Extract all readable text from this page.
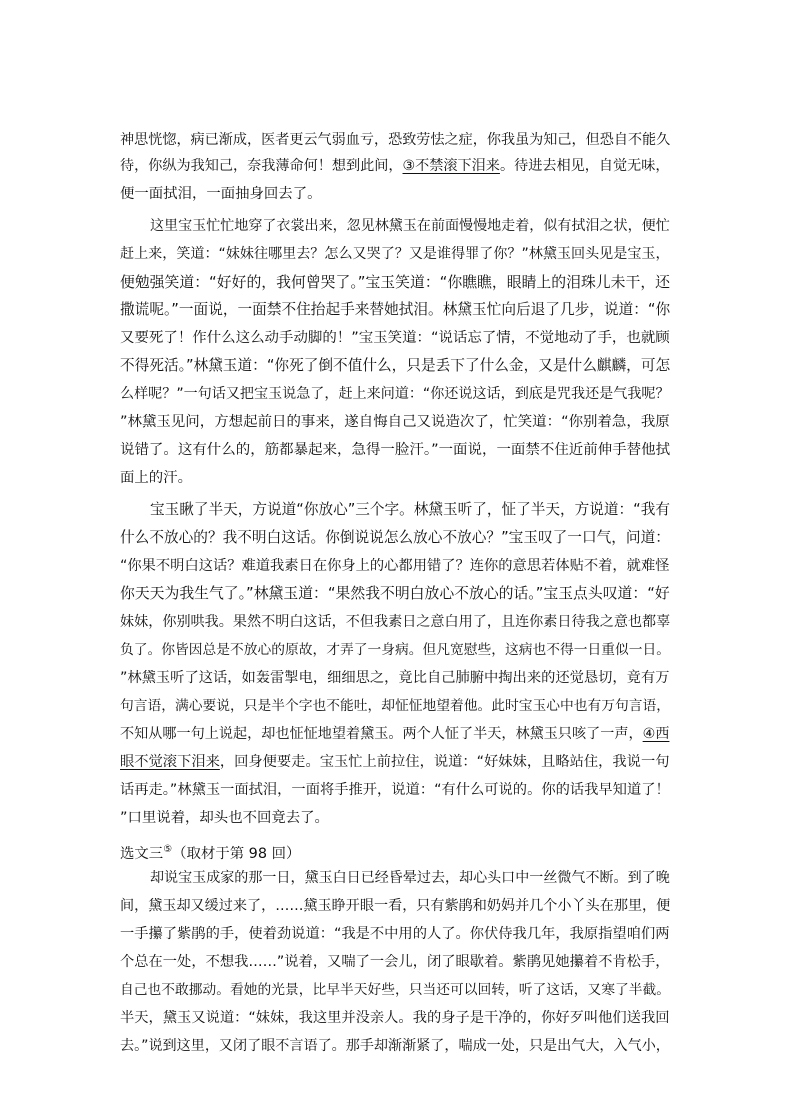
神思恍惚，病已渐成，医者更云气弱血亏，恐致劳怯之症，你我虽为知己，但恐自不能久
待，你纵为我知己，奈我薄命何！想到此间，③不禁滚下泪来。待进去相见，自觉无味，
便一面拭泪，一面抽身回去了。
这里宝玉忙忙地穿了衣裳出来，忽见林黛玉在前面慢慢地走着，似有拭泪之状，便忙
赶上来，笑道：“妹妹往哪里去？怎么又哭了？又是谁得罪了你？”林黛玉回头见是宝玉，
便勉强笑道：“好好的，我何曾哭了。”宝玉笑道：“你瞧瞧，眼睛上的泪珠儿未干，还
撒谎呢。”一面说，一面禁不住抬起手来替她拭泪。林黛玉忙向后退了几步，说道：“你
又要死了！作什么这么动手动脚的！”宝玉笑道：“说话忘了情，不觉地动了手，也就顾
不得死活。”林黛玉道：“你死了倒不值什么，只是丢下了什么金，又是什么麒麟，可怎
么样呢？”一句话又把宝玉说急了，赶上来问道：“你还说这话，到底是咒我还是气我呢？
”林黛玉见问，方想起前日的事来，遂自悔自己又说造次了，忙笑道：“你别着急，我原
说错了。这有什么的，筋都暴起来，急得一脸汗。”一面说，一面禁不住近前伸手替他拭
面上的汗。
宝玉瞅了半天，方说道“你放心”三个字。林黛玉听了，怔了半天，方说道：“我有
什么不放心的？我不明白这话。你倒说说怎么放心不放心？”宝玉叹了一口气，问道：
“你果不明白这话？难道我素日在你身上的心都用错了？连你的意思若体贴不着，就难怪
你天天为我生气了。”林黛玉道：“果然我不明白放心不放心的话。”宝玉点头叹道：“好
妹妹，你别哄我。果然不明白这话，不但我素日之意白用了，且连你素日待我之意也都辜
负了。你皆因总是不放心的原故，才弄了一身病。但凡宽慰些，这病也不得一日重似一日。
”林黛玉听了这话，如轰雷掣电，细细思之，竟比自己肺腑中掏出来的还觉恳切，竟有万
句言语，满心要说，只是半个字也不能吐，却怔怔地望着他。此时宝玉心中也有万句言语，
不知从哪一句上说起，却也怔怔地望着黛玉。两个人怔了半天，林黛玉只咳了一声，④西
眼不觉滚下泪来，回身便要走。宝玉忙上前拉住，说道：“好妹妹，且略站住，我说一句
话再走。”林黛玉一面拭泪，一面将手推开，说道：“有什么可说的。你的话我早知道了！
”口里说着，却头也不回竟去了。
选文三⑤（取材于第 98 回）
却说宝玉成家的那一日，黛玉白日已经昏晕过去，却心头口中一丝微气不断。到了晚
间，黛玉却又缓过来了，……黛玉睁开眼一看，只有紫鹃和奶妈并几个小丫头在那里，便
一手攥了紫鹃的手，使着劲说道：“我是不中用的人了。你伏侍我几年，我原指望咱们两
个总在一处，不想我……”说着，又喘了一会儿，闭了眼歇着。紫鹃见她攥着不肯松手，
自己也不敢挪动。看她的光景，比早半天好些，只当还可以回转，听了这话，又寒了半截。
半天，黛玉又说道：“妹妹，我这里并没亲人。我的身子是干净的，你好歹叫他们送我回
去。”说到这里，又闭了眼不言语了。那手却渐渐紧了，喘成一处，只是出气大，入气小，
